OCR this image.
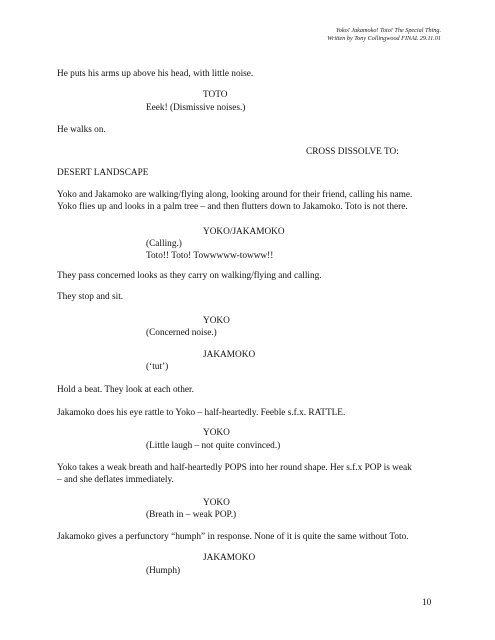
Yoko! Jakamoko! Toto! The Special Thing.
Written by Tony Collingwood FINAL 29.11.01
He puts his arms up above his head, with little noise.
TOTO
Eeek! (Dismissive noises.)
He walks on.
CROSS DISSOLVE TO:
DESERT LANDSCAPE
Yoko and Jakamoko are walking/flying along, looking around for their friend, calling his name.
Yoko flies up and looks in a palm tree – and then flutters down to Jakamoko. Toto is not there.
YOKO/JAKAMOKO
(Calling.)
Toto!! Toto! Towwwww-towww!!
They pass concerned looks as they carry on walking/flying and calling.
They stop and sit.
YOKO
(Concerned noise.)
JAKAMOKO
(‘tut’)
Hold a beat. They look at each other.
Jakamoko does his eye rattle to Yoko – half-heartedly. Feeble s.f.x. RATTLE.
YOKO
(Little laugh – not quite convinced.)
Yoko takes a weak breath and half-heartedly POPS into her round shape. Her s.f.x POP is weak
– and she deflates immediately.
YOKO
(Breath in – weak POP.)
Jakamoko gives a perfunctory “humph” in response. None of it is quite the same without Toto.
JAKAMOKO
(Humph)
10
